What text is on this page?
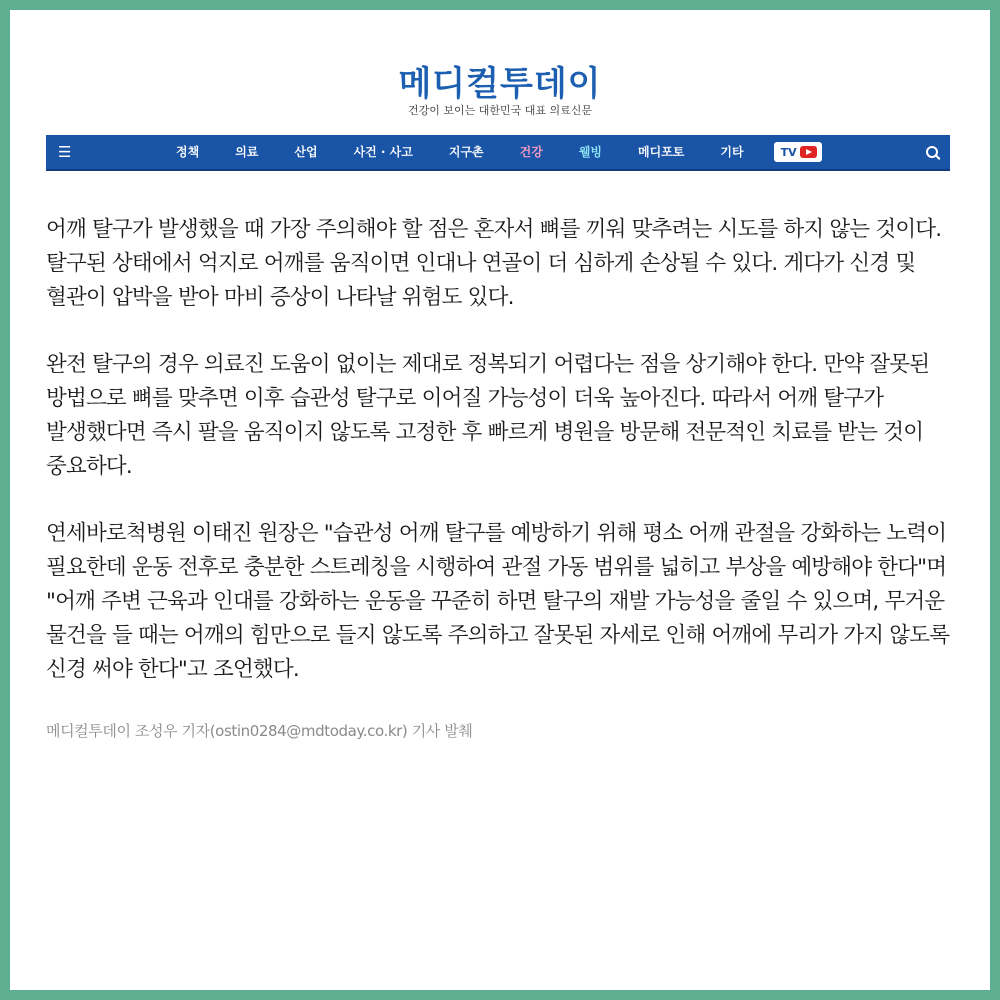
메디컬투데이
건강이 보이는 대한민국 대표 의료신문
☰	정책	의료	산업	사건 · 사고	지구촌	건강	웰빙	메디포토	기타	TV

어깨 탈구가 발생했을 때 가장 주의해야 할 점은 혼자서 뼈를 끼워 맞추려는 시도를 하지 않는 것이다. 탈구된 상태에서 억지로 어깨를 움직이면 인대나 연골이 더 심하게 손상될 수 있다. 게다가 신경 및 혈관이 압박을 받아 마비 증상이 나타날 위험도 있다.

완전 탈구의 경우 의료진 도움이 없이는 제대로 정복되기 어렵다는 점을 상기해야 한다. 만약 잘못된 방법으로 뼈를 맞추면 이후 습관성 탈구로 이어질 가능성이 더욱 높아진다. 따라서 어깨 탈구가 발생했다면 즉시 팔을 움직이지 않도록 고정한 후 빠르게 병원을 방문해 전문적인 치료를 받는 것이 중요하다.

연세바로척병원 이태진 원장은 "습관성 어깨 탈구를 예방하기 위해 평소 어깨 관절을 강화하는 노력이 필요한데 운동 전후로 충분한 스트레칭을 시행하여 관절 가동 범위를 넓히고 부상을 예방해야 한다"며 "어깨 주변 근육과 인대를 강화하는 운동을 꾸준히 하면 탈구의 재발 가능성을 줄일 수 있으며, 무거운 물건을 들 때는 어깨의 힘만으로 들지 않도록 주의하고 잘못된 자세로 인해 어깨에 무리가 가지 않도록 신경 써야 한다"고 조언했다.

메디컬투데이 조성우 기자(ostin0284@mdtoday.co.kr) 기사 발췌
